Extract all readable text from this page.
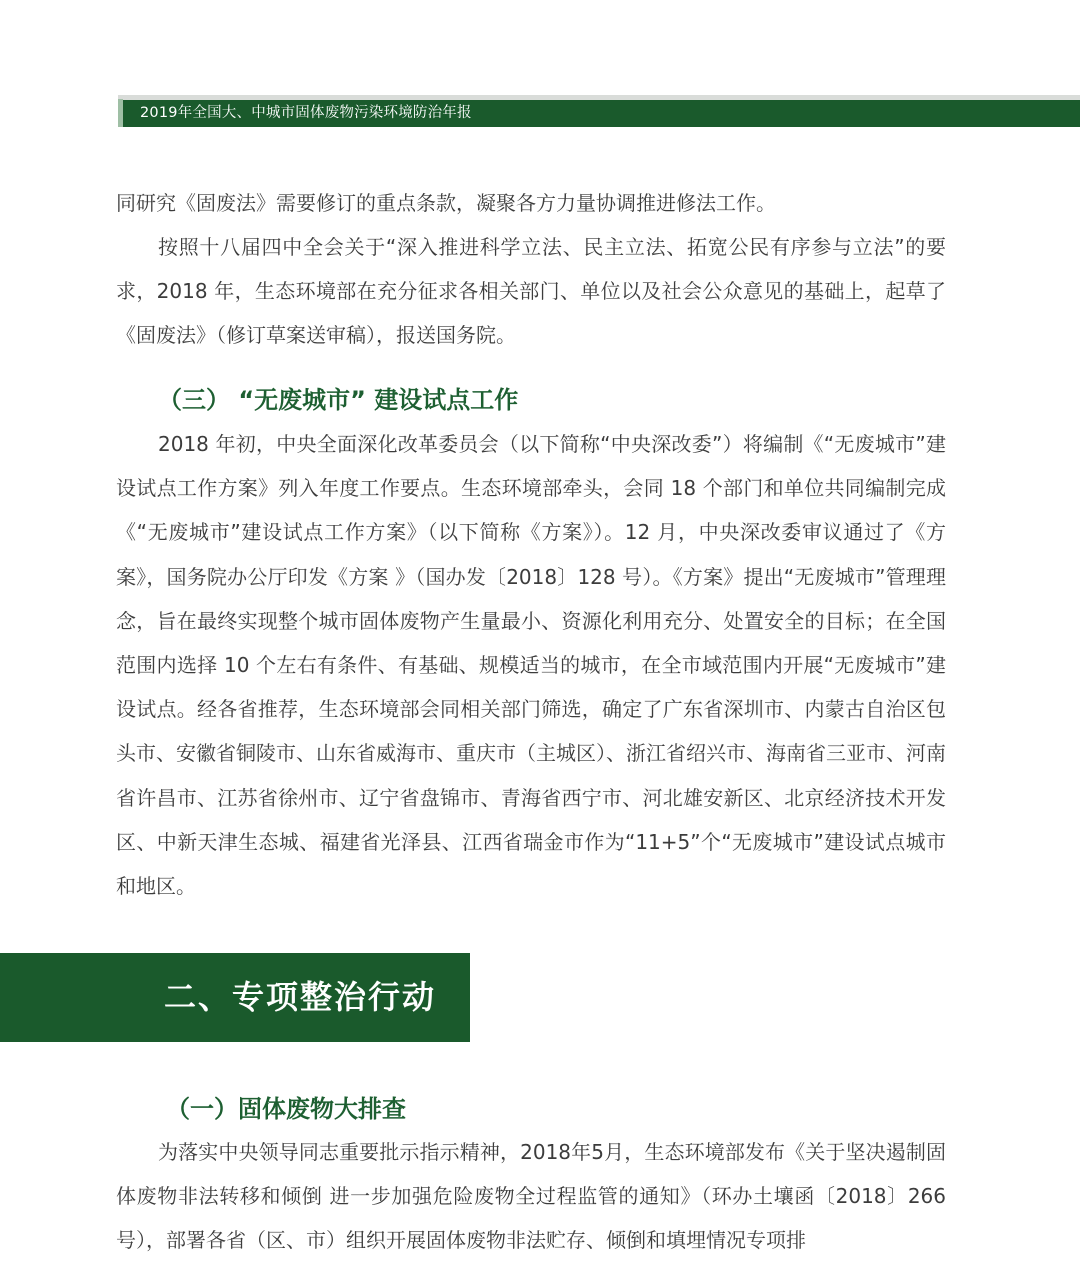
2019年全国大、中城市固体废物污染环境防治年报

同研究《固废法》需要修订的重点条款，凝聚各方力量协调推进修法工作。

按照十八届四中全会关于“深入推进科学立法、民主立法、拓宽公民有序参与立法”的要求，2018 年，生态环境部在充分征求各相关部门、单位以及社会公众意见的基础上，起草了《固废法》（修订草案送审稿），报送国务院。

（三） “无废城市” 建设试点工作

2018 年初，中央全面深化改革委员会（以下简称“中央深改委”）将编制《“无废城市”建设试点工作方案》列入年度工作要点。生态环境部牵头，会同 18 个部门和单位共同编制完成《“无废城市”建设试点工作方案》（以下简称《方案》）。12 月，中央深改委审议通过了《方案》，国务院办公厅印发《方案 》（国办发〔2018〕128 号）。《方案》提出“无废城市”管理理念，旨在最终实现整个城市固体废物产生量最小、资源化利用充分、处置安全的目标；在全国范围内选择 10 个左右有条件、有基础、规模适当的城市，在全市域范围内开展“无废城市”建设试点。经各省推荐，生态环境部会同相关部门筛选，确定了广东省深圳市、内蒙古自治区包头市、安徽省铜陵市、山东省威海市、重庆市（主城区）、浙江省绍兴市、海南省三亚市、河南省许昌市、江苏省徐州市、辽宁省盘锦市、青海省西宁市、河北雄安新区、北京经济技术开发区、中新天津生态城、福建省光泽县、江西省瑞金市作为“11+5”个“无废城市”建设试点城市和地区。

二、专项整治行动
（一）固体废物大排查

为落实中央领导同志重要批示指示精神，2018年5月，生态环境部发布《关于坚决遏制固体废物非法转移和倾倒 进一步加强危险废物全过程监管的通知》（环办土壤函〔2018〕266号），部署各省（区、市）组织开展固体废物非法贮存、倾倒和填埋情况专项排
